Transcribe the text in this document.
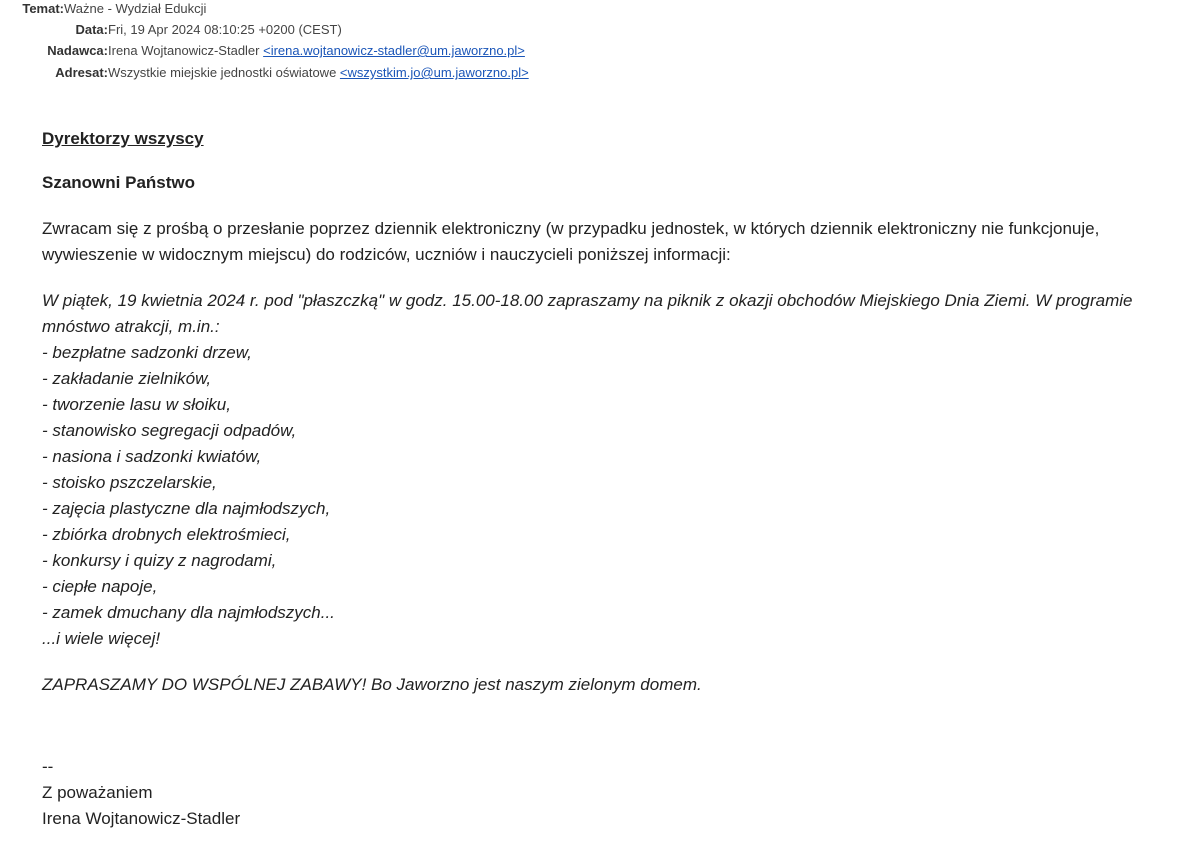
Temat:Ważne - Wydział Edukcji
Data:Fri, 19 Apr 2024 08:10:25 +0200 (CEST)
Nadawca:Irena Wojtanowicz-Stadler <irena.wojtanowicz-stadler@um.jaworzno.pl>
Adresat:Wszystkie miejskie jednostki oświatowe <wszystkim.jo@um.jaworzno.pl>

Dyrektorzy wszyscy

Szanowni Państwo

Zwracam się z prośbą o przesłanie poprzez dziennik elektroniczny (w przypadku jednostek, w których dziennik elektroniczny nie funkcjonuje, wywieszenie w widocznym miejscu) do rodziców, uczniów i nauczycieli poniższej informacji:

W piątek, 19 kwietnia 2024 r. pod "płaszczką" w godz. 15.00-18.00 zapraszamy na piknik z okazji obchodów Miejskiego Dnia Ziemi. W programie mnóstwo atrakcji, m.in.:

- bezpłatne sadzonki drzew,
- zakładanie zielników,
- tworzenie lasu w słoiku,
- stanowisko segregacji odpadów,
- nasiona i sadzonki kwiatów,
- stoisko pszczelarskie,
- zajęcia plastyczne dla najmłodszych,
- zbiórka drobnych elektrośmieci,
- konkursy i quizy z nagrodami,
- ciepłe napoje,
- zamek dmuchany dla najmłodszych...

...i wiele więcej!

ZAPRASZAMY DO WSPÓLNEJ ZABAWY! Bo Jaworzno jest naszym zielonym domem.

--

Z poważaniem

Irena Wojtanowicz-Stadler
